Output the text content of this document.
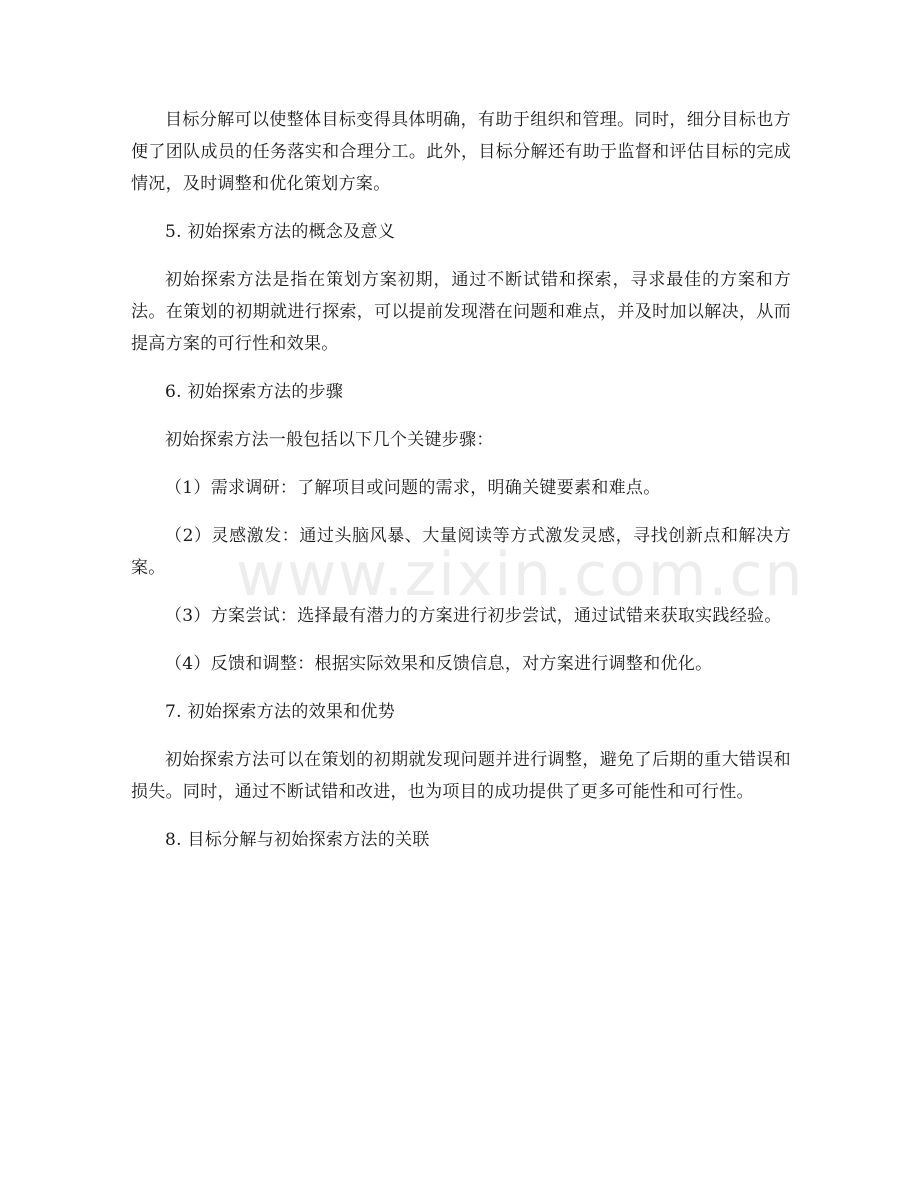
目标分解可以使整体目标变得具体明确，有助于组织和管理。同时，细分目标也方便了团队成员的任务落实和合理分工。此外，目标分解还有助于监督和评估目标的完成情况，及时调整和优化策划方案。

5. 初始探索方法的概念及意义

初始探索方法是指在策划方案初期，通过不断试错和探索，寻求最佳的方案和方法。在策划的初期就进行探索，可以提前发现潜在问题和难点，并及时加以解决，从而提高方案的可行性和效果。

6. 初始探索方法的步骤

初始探索方法一般包括以下几个关键步骤：

（1）需求调研：了解项目或问题的需求，明确关键要素和难点。

（2）灵感激发：通过头脑风暴、大量阅读等方式激发灵感，寻找创新点和解决方案。

（3）方案尝试：选择最有潜力的方案进行初步尝试，通过试错来获取实践经验。

（4）反馈和调整：根据实际效果和反馈信息，对方案进行调整和优化。

7. 初始探索方法的效果和优势

初始探索方法可以在策划的初期就发现问题并进行调整，避免了后期的重大错误和损失。同时，通过不断试错和改进，也为项目的成功提供了更多可能性和可行性。

8. 目标分解与初始探索方法的关联

www.zixin.com.cn
